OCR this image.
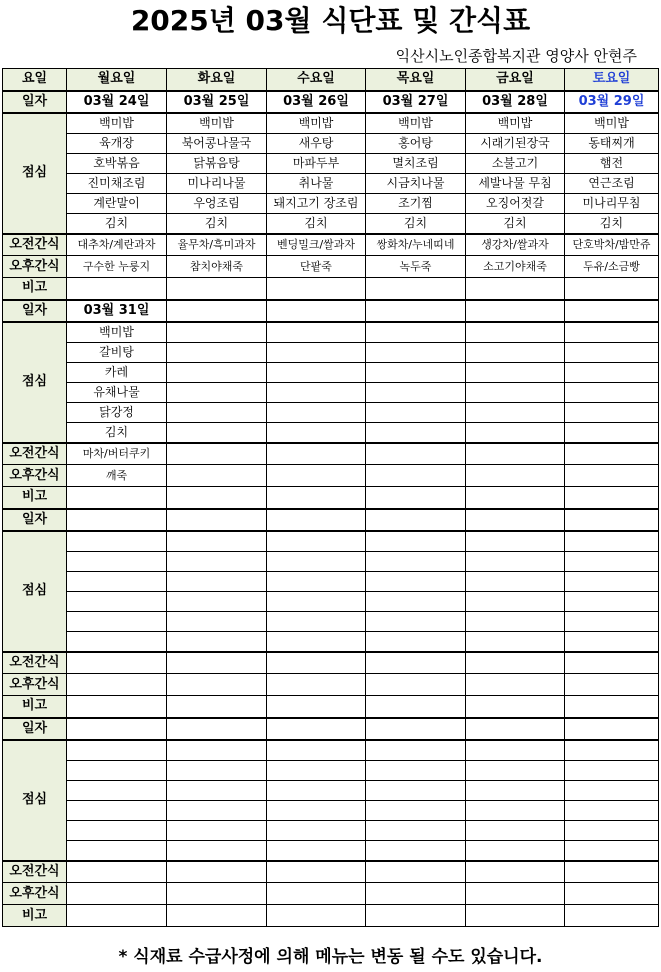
2025년 03월 식단표 및 간식표
익산시노인종합복지관 영양사 안현주
요일	월요일	화요일	수요일	목요일	금요일	토요일
일자	03월 24일	03월 25일	03월 26일	03월 27일	03월 28일	03월 29일
점심	백미밥	백미밥	백미밥	백미밥	백미밥	백미밥
	육개장	북어콩나물국	새우탕	홍어탕	시래기된장국	동태찌개
	호박볶음	닭볶음탕	마파두부	멸치조림	소불고기	햄전
	진미채조림	미나리나물	취나물	시금치나물	세발나물 무침	연근조림
	계란말이	우엉조림	돼지고기 장조림	조기찜	오징어젓갈	미나리무침
	김치	김치	김치	김치	김치	김치
오전간식	대추차/계란과자	율무차/흑미과자	벤딩밀크/쌀과자	쌍화차/누네띠네	생강차/쌀과자	단호박차/밤만쥬
오후간식	구수한 누룽지	참치야채죽	단팥죽	녹두죽	소고기야채죽	두유/소금빵
비고						
일자	03월 31일					
점심	백미밥					
	갈비탕					
	카레					
	유채나물					
	닭강정					
	김치					
오전간식	마차/버터쿠키					
오후간식	깨죽					
비고						
일자						
점심						

오전간식						
오후간식						
비고						
일자						
점심						

오전간식						
오후간식						
비고						
* 식재료 수급사정에 의해 메뉴는 변동 될 수도 있습니다.
